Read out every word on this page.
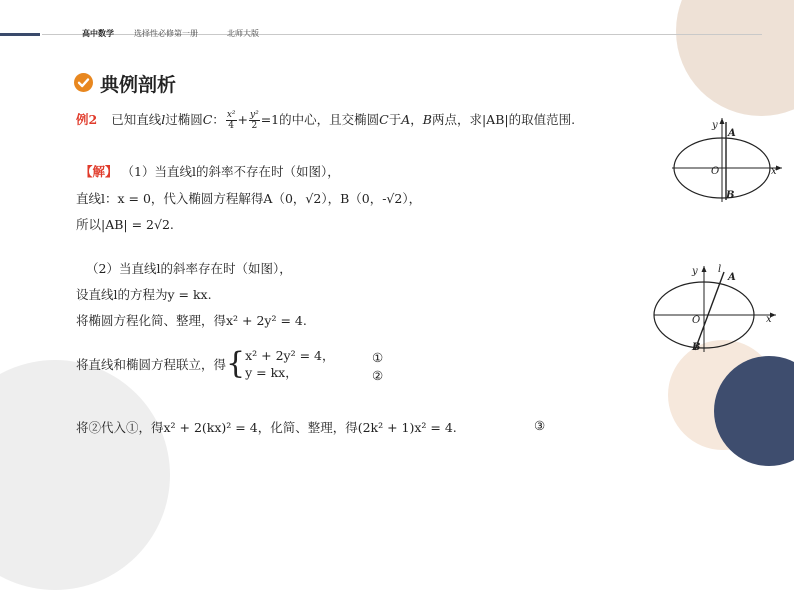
高中数学	选择性必修第一册	北师大版
典例剖析
例2 已知直线l过椭圆C： $\frac{\text{x²}}{4} + \frac{\text{y²}}{2} =1$的中心，且交椭圆C于A，B两点，求|AB|的取值范围.
【解】 （1）当直线l的斜率不存在时（如图），
直线l：x = 0，代入椭圆方程解得A（0，√2），B（0，-√2），
所以|AB| = 2√2.
（2）当直线l的斜率存在时（如图），
设直线l的方程为y = kx.
将椭圆方程化简、整理，得x² + 2y² = 4.
将直线和椭圆方程联立，得{ x² + 2y² = 4，
y = kx，
①
②
将②代入①，得x² + 2(kx)² = 4，化简、整理，得(2k² + 1)x² = 4.	③
y
A
O	x
B
y l
A
O	x
B
